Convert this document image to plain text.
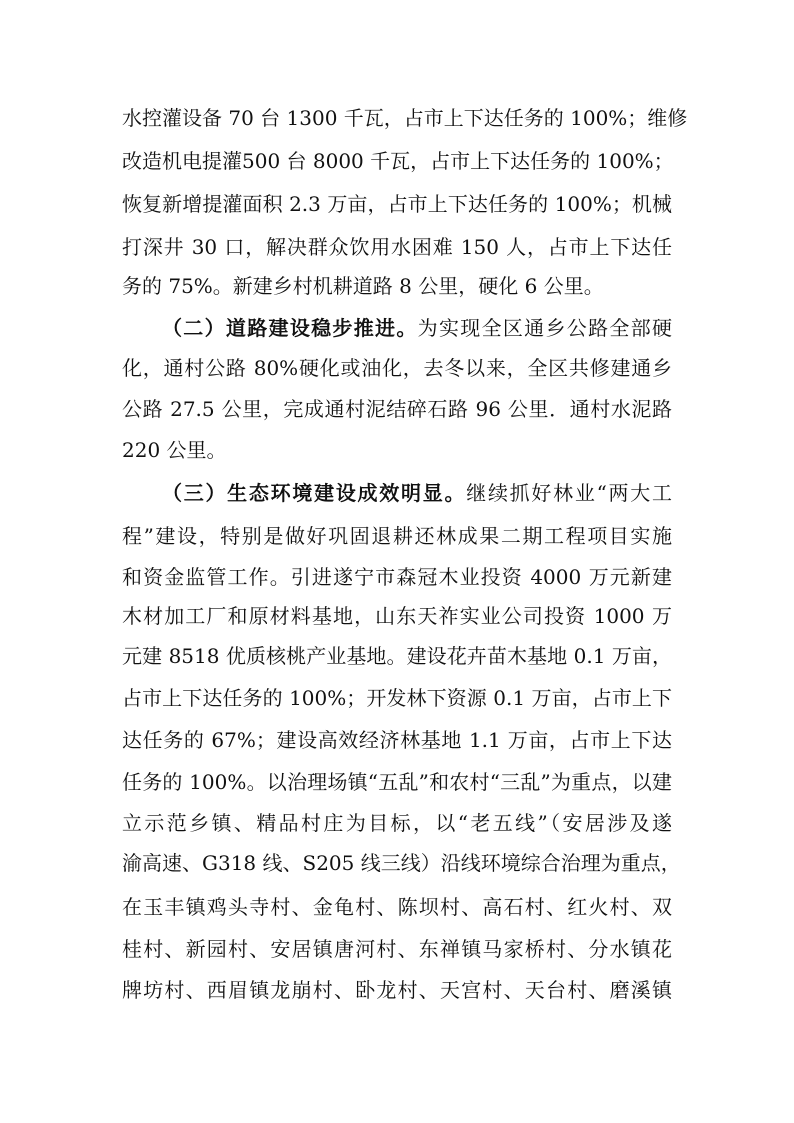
水控灌设备 70 台 1300 千瓦，占市上下达任务的 100%；维修
改造机电提灌500 台 8000 千瓦，占市上下达任务的 100%；
恢复新增提灌面积 2.3 万亩，占市上下达任务的 100%；机械
打深井 30 口，解决群众饮用水困难 150 人，占市上下达任
务的 75%。新建乡村机耕道路 8 公里，硬化 6 公里。
（二）道路建设稳步推进。为实现全区通乡公路全部硬
化，通村公路 80%硬化或油化，去冬以来，全区共修建通乡
公路 27.5 公里，完成通村泥结碎石路 96 公里．通村水泥路
220 公里。
（三）生态环境建设成效明显。继续抓好林业“两大工
程”建设，特别是做好巩固退耕还林成果二期工程项目实施
和资金监管工作。引进遂宁市森冠木业投资 4000 万元新建
木材加工厂和原材料基地，山东天祚实业公司投资 1000 万
元建 8518 优质核桃产业基地。建设花卉苗木基地 0.1 万亩，
占市上下达任务的 100%；开发林下资源 0.1 万亩，占市上下
达任务的 67%；建设高效经济林基地 1.1 万亩，占市上下达
任务的 100%。以治理场镇“五乱”和农村“三乱”为重点，以建
立示范乡镇、精品村庄为目标，以“老五线”（安居涉及遂
渝高速、G318 线、S205 线三线）沿线环境综合治理为重点，
在玉丰镇鸡头寺村、金龟村、陈坝村、高石村、红火村、双
桂村、新园村、安居镇唐河村、东禅镇马家桥村、分水镇花
牌坊村、西眉镇龙崩村、卧龙村、天宫村、天台村、磨溪镇
